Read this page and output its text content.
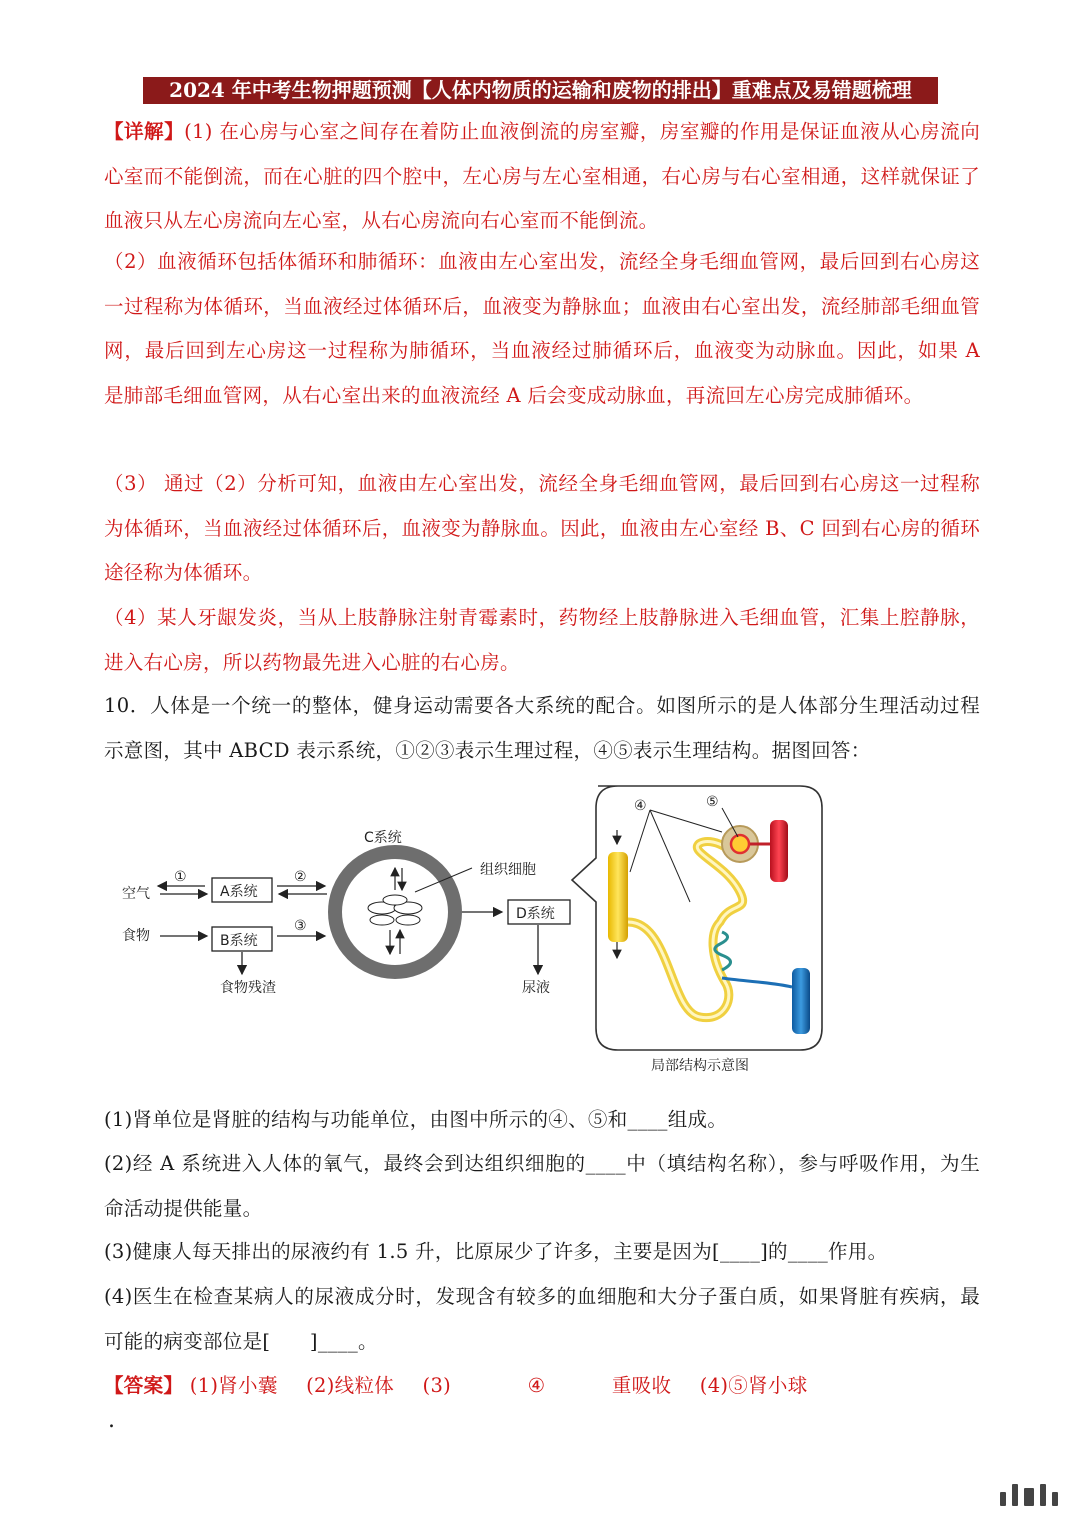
2024 年中考生物押题预测【人体内物质的运输和废物的排出】重难点及易错题梳理
【详解】(1) 在心房与心室之间存在着防止血液倒流的房室瓣，房室瓣的作用是保证血液从心房流向心室而不能倒流，而在心脏的四个腔中，左心房与左心室相通，右心房与右心室相通，这样就保证了血液只从左心房流向左心室，从右心房流向右心室而不能倒流。
（2）血液循环包括体循环和肺循环：血液由左心室出发，流经全身毛细血管网，最后回到右心房这一过程称为体循环，当血液经过体循环后，血液变为静脉血；血液由右心室出发，流经肺部毛细血管网，最后回到左心房这一过程称为肺循环，当血液经过肺循环后，血液变为动脉血。因此，如果 A 是肺部毛细血管网，从右心室出来的血液流经 A 后会变成动脉血，再流回左心房完成肺循环。
（3） 通过（2）分析可知，血液由左心室出发，流经全身毛细血管网，最后回到右心房这一过程称为体循环，当血液经过体循环后，血液变为静脉血。因此，血液由左心室经 B、C 回到右心房的循环途径称为体循环。
（4）某人牙龈发炎，当从上肢静脉注射青霉素时，药物经上肢静脉进入毛细血管，汇集上腔静脉，进入右心房，所以药物最先进入心脏的右心房。
10．人体是一个统一的整体，健身运动需要各大系统的配合。如图所示的是人体部分生理活动过程示意图，其中 ABCD 表示系统，①②③表示生理过程，④⑤表示生理结构。据图回答：
空气
①
A系统
②
食物	B系统
③
食物残渣
C系统
组织细胞
D系统
尿液
局部结构示意图
④	⑤
(1)肾单位是肾脏的结构与功能单位，由图中所示的④、⑤和____组成。
(2)经 A 系统进入人体的氧气，最终会到达组织细胞的____中（填结构名称），参与呼吸作用，为生命活动提供能量。
(3)健康人每天排出的尿液约有 1.5 升，比原尿少了许多，主要是因为[____]的____作用。
(4)医生在检查某病人的尿液成分时，发现含有较多的血细胞和大分子蛋白质，如果肾脏有疾病，最可能的病变部位是[　　]____。
【答案】 (1)肾小囊 (2)线粒体 (3)	④	重吸收 (4)⑤肾小球
.
